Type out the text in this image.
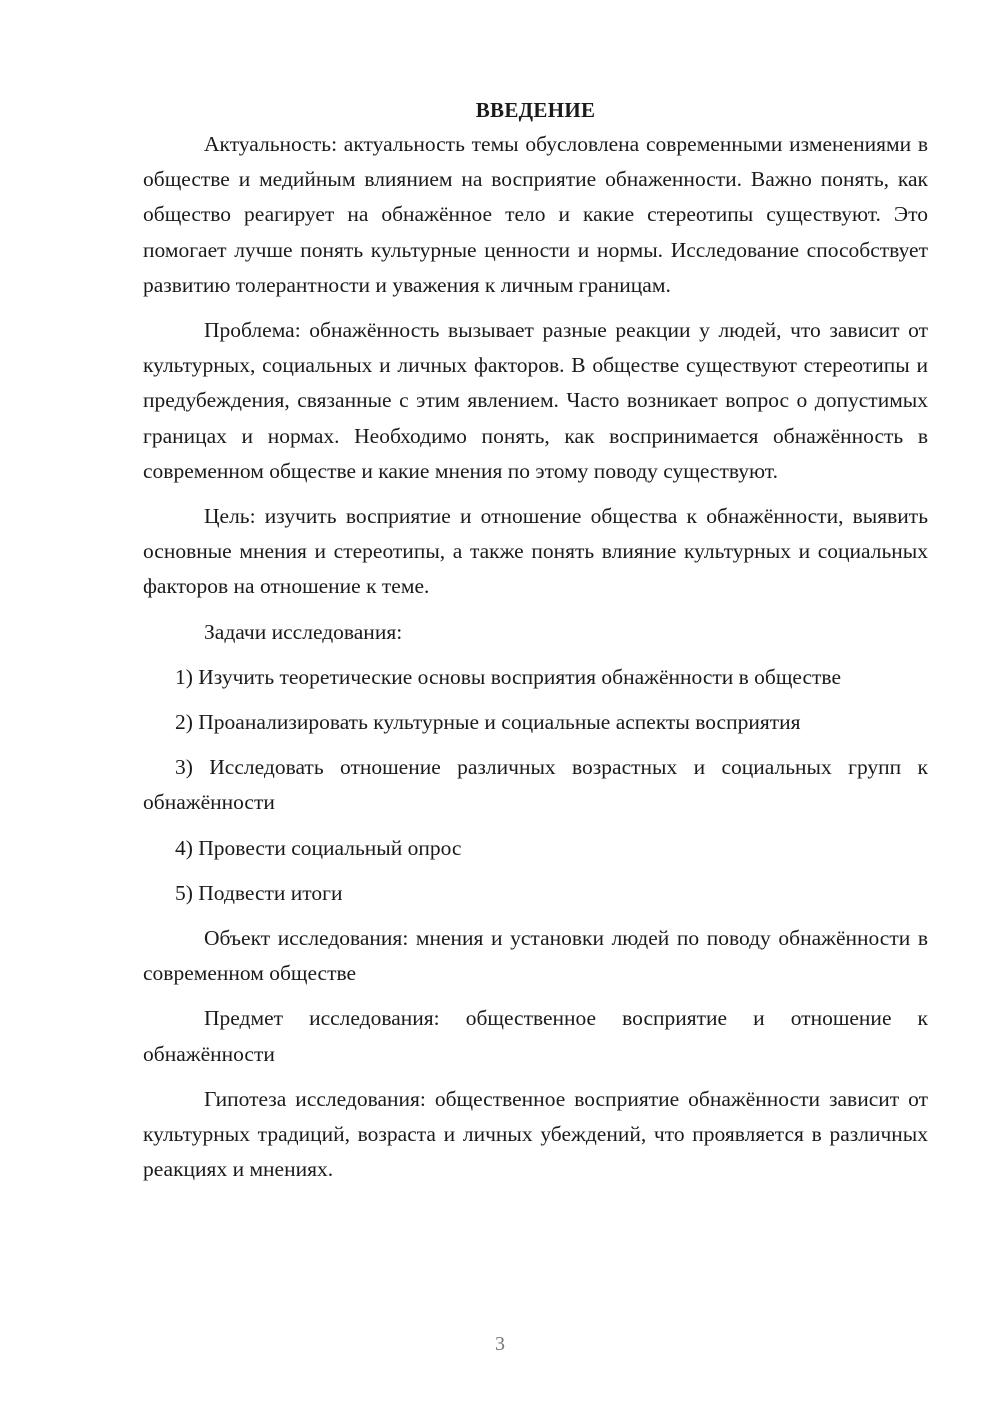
ВВЕДЕНИЕ

Актуальность: актуальность темы обусловлена современными изменениями в обществе и медийным влиянием на восприятие обнаженности. Важно понять, как общество реагирует на обнажённое тело и какие стереотипы существуют. Это помогает лучше понять культурные ценности и нормы. Исследование способствует развитию толерантности и уважения к личным границам.

Проблема: обнажённость вызывает разные реакции у людей, что зависит от культурных, социальных и личных факторов. В обществе существуют стереотипы и предубеждения, связанные с этим явлением. Часто возникает вопрос о допустимых границах и нормах. Необходимо понять, как воспринимается обнажённость в современном обществе и какие мнения по этому поводу существуют.

Цель: изучить восприятие и отношение общества к обнажённости, выявить основные мнения и стереотипы, а также понять влияние культурных и социальных факторов на отношение к теме.

Задачи исследования:

1) Изучить теоретические основы восприятия обнажённости в обществе

2) Проанализировать культурные и социальные аспекты восприятия

3) Исследовать отношение различных возрастных и социальных групп к обнажённости

4) Провести социальный опрос

5) Подвести итоги

Объект исследования: мнения и установки людей по поводу обнажённости в современном обществе

Предмет исследования: общественное восприятие и отношение к обнажённости

Гипотеза исследования: общественное восприятие обнажённости зависит от культурных традиций, возраста и личных убеждений, что проявляется в различных реакциях и мнениях.

3
